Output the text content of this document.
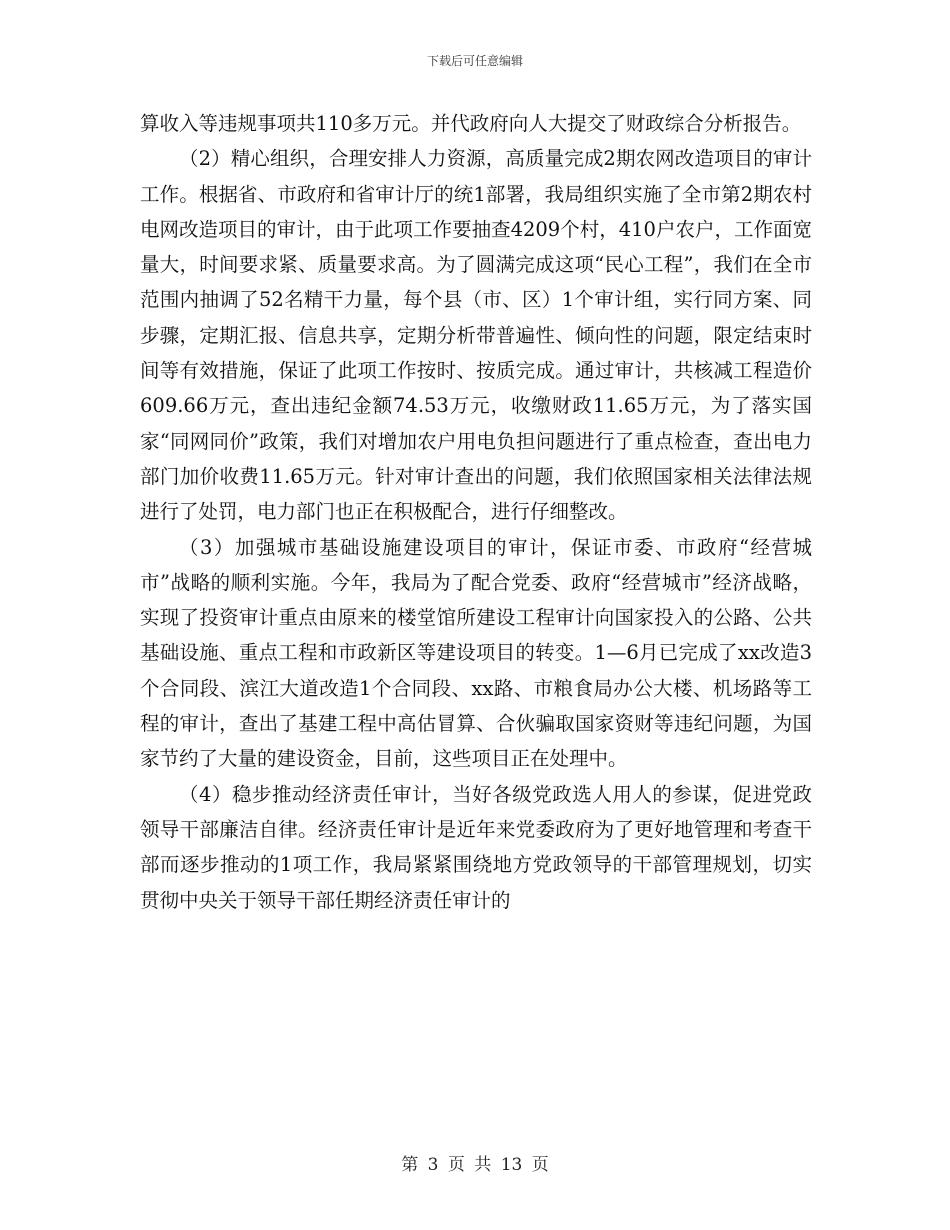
下载后可任意编辑

算收入等违规事项共110多万元。并代政府向人大提交了财政综合分析报告。

（2）精心组织，合理安排人力资源，高质量完成2期农网改造项目的审计工作。根据省、市政府和省审计厅的统1部署，我局组织实施了全市第2期农村电网改造项目的审计，由于此项工作要抽查4209个村，410户农户，工作面宽量大，时间要求紧、质量要求高。为了圆满完成这项“民心工程”，我们在全市范围内抽调了52名精干力量，每个县（市、区）1个审计组，实行同方案、同步骤，定期汇报、信息共享，定期分析带普遍性、倾向性的问题，限定结束时间等有效措施，保证了此项工作按时、按质完成。通过审计，共核减工程造价609.66万元，查出违纪金额74.53万元，收缴财政11.65万元，为了落实国家“同网同价”政策，我们对增加农户用电负担问题进行了重点检查，查出电力部门加价收费11.65万元。针对审计查出的问题，我们依照国家相关法律法规进行了处罚，电力部门也正在积极配合，进行仔细整改。

（3）加强城市基础设施建设项目的审计，保证市委、市政府“经营城市”战略的顺利实施。今年，我局为了配合党委、政府“经营城市”经济战略，实现了投资审计重点由原来的楼堂馆所建设工程审计向国家投入的公路、公共基础设施、重点工程和市政新区等建设项目的转变。1—6月已完成了xx改造3个合同段、滨江大道改造1个合同段、xx路、市粮食局办公大楼、机场路等工程的审计，查出了基建工程中高估冒算、合伙骗取国家资财等违纪问题，为国家节约了大量的建设资金，目前，这些项目正在处理中。

（4）稳步推动经济责任审计，当好各级党政选人用人的参谋，促进党政领导干部廉洁自律。经济责任审计是近年来党委政府为了更好地管理和考查干部而逐步推动的1项工作，我局紧紧围绕地方党政领导的干部管理规划，切实贯彻中央关于领导干部任期经济责任审计的

第 3 页 共 13 页
